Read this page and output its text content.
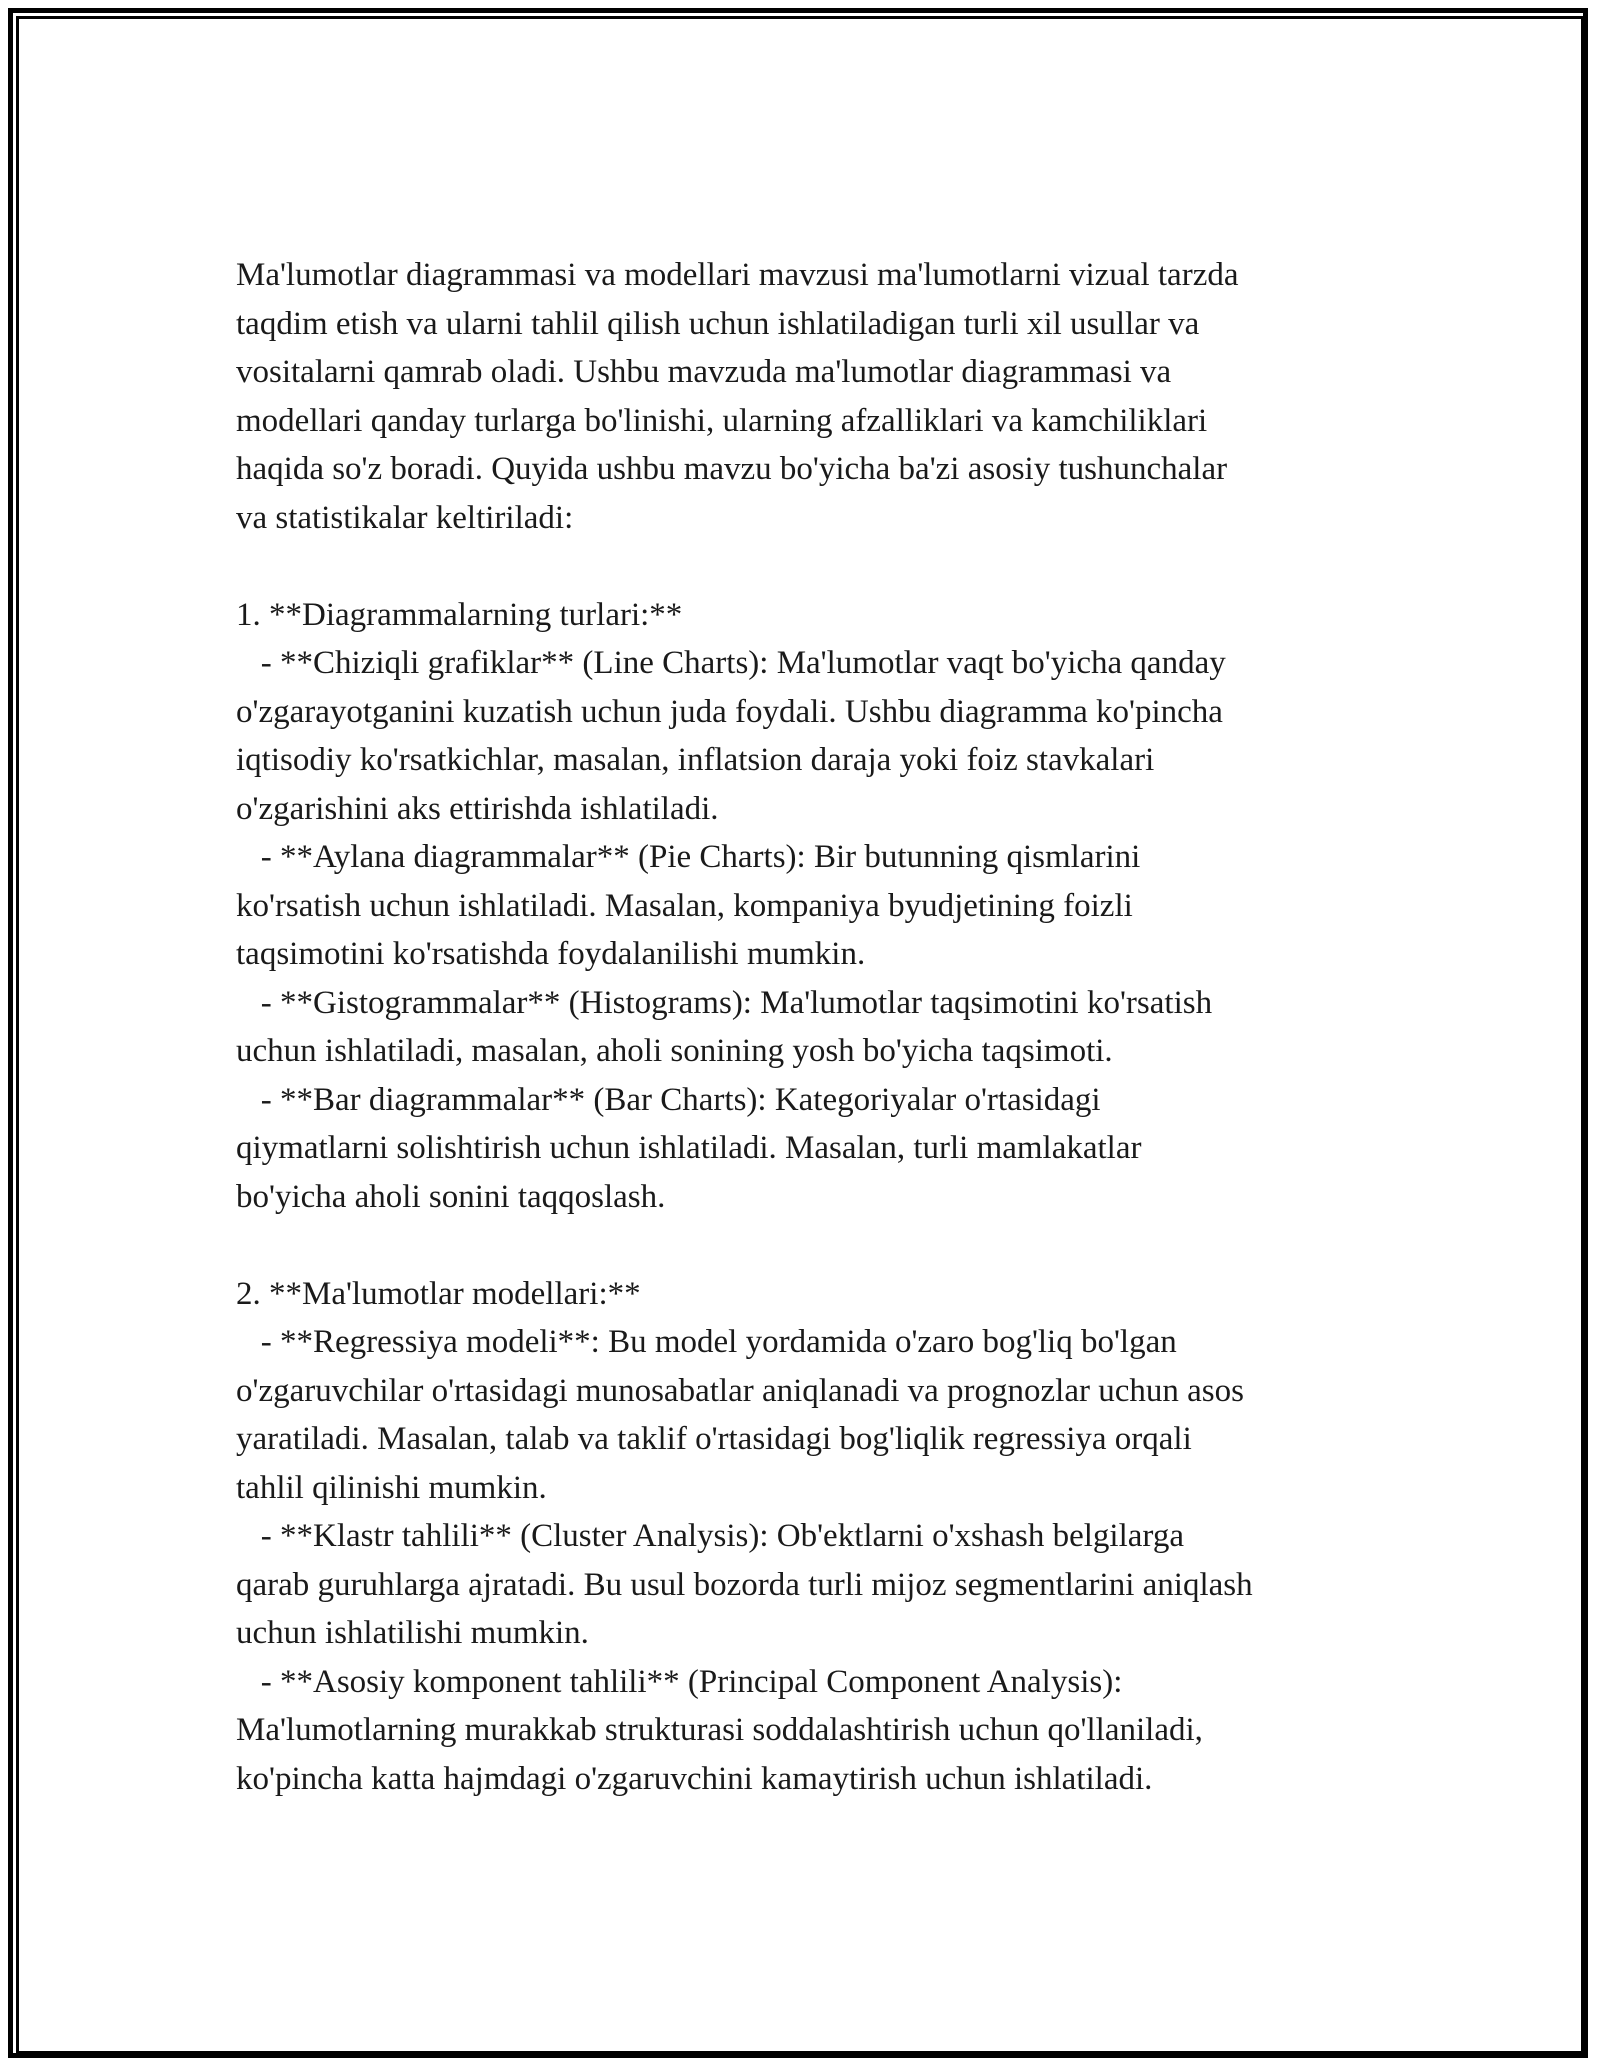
Ma'lumotlar diagrammasi va modellari mavzusi ma'lumotlarni vizual tarzda

taqdim etish va ularni tahlil qilish uchun ishlatiladigan turli xil usullar va

vositalarni qamrab oladi. Ushbu mavzuda ma'lumotlar diagrammasi va

modellari qanday turlarga bo'linishi, ularning afzalliklari va kamchiliklari

haqida so'z boradi. Quyida ushbu mavzu bo'yicha ba'zi asosiy tushunchalar

va statistikalar keltiriladi:

1. **Diagrammalarning turlari:**

- **Chiziqli grafiklar** (Line Charts): Ma'lumotlar vaqt bo'yicha qanday

o'zgarayotganini kuzatish uchun juda foydali. Ushbu diagramma ko'pincha

iqtisodiy ko'rsatkichlar, masalan, inflatsion daraja yoki foiz stavkalari

o'zgarishini aks ettirishda ishlatiladi.

- **Aylana diagrammalar** (Pie Charts): Bir butunning qismlarini

ko'rsatish uchun ishlatiladi. Masalan, kompaniya byudjetining foizli

taqsimotini ko'rsatishda foydalanilishi mumkin.

- **Gistogrammalar** (Histograms): Ma'lumotlar taqsimotini ko'rsatish

uchun ishlatiladi, masalan, aholi sonining yosh bo'yicha taqsimoti.

- **Bar diagrammalar** (Bar Charts): Kategoriyalar o'rtasidagi

qiymatlarni solishtirish uchun ishlatiladi. Masalan, turli mamlakatlar

bo'yicha aholi sonini taqqoslash.

2. **Ma'lumotlar modellari:**

- **Regressiya modeli**: Bu model yordamida o'zaro bog'liq bo'lgan

o'zgaruvchilar o'rtasidagi munosabatlar aniqlanadi va prognozlar uchun asos

yaratiladi. Masalan, talab va taklif o'rtasidagi bog'liqlik regressiya orqali

tahlil qilinishi mumkin.

- **Klastr tahlili** (Cluster Analysis): Ob'ektlarni o'xshash belgilarga

qarab guruhlarga ajratadi. Bu usul bozorda turli mijoz segmentlarini aniqlash

uchun ishlatilishi mumkin.

- **Asosiy komponent tahlili** (Principal Component Analysis):

Ma'lumotlarning murakkab strukturasi soddalashtirish uchun qo'llaniladi,

ko'pincha katta hajmdagi o'zgaruvchini kamaytirish uchun ishlatiladi.
